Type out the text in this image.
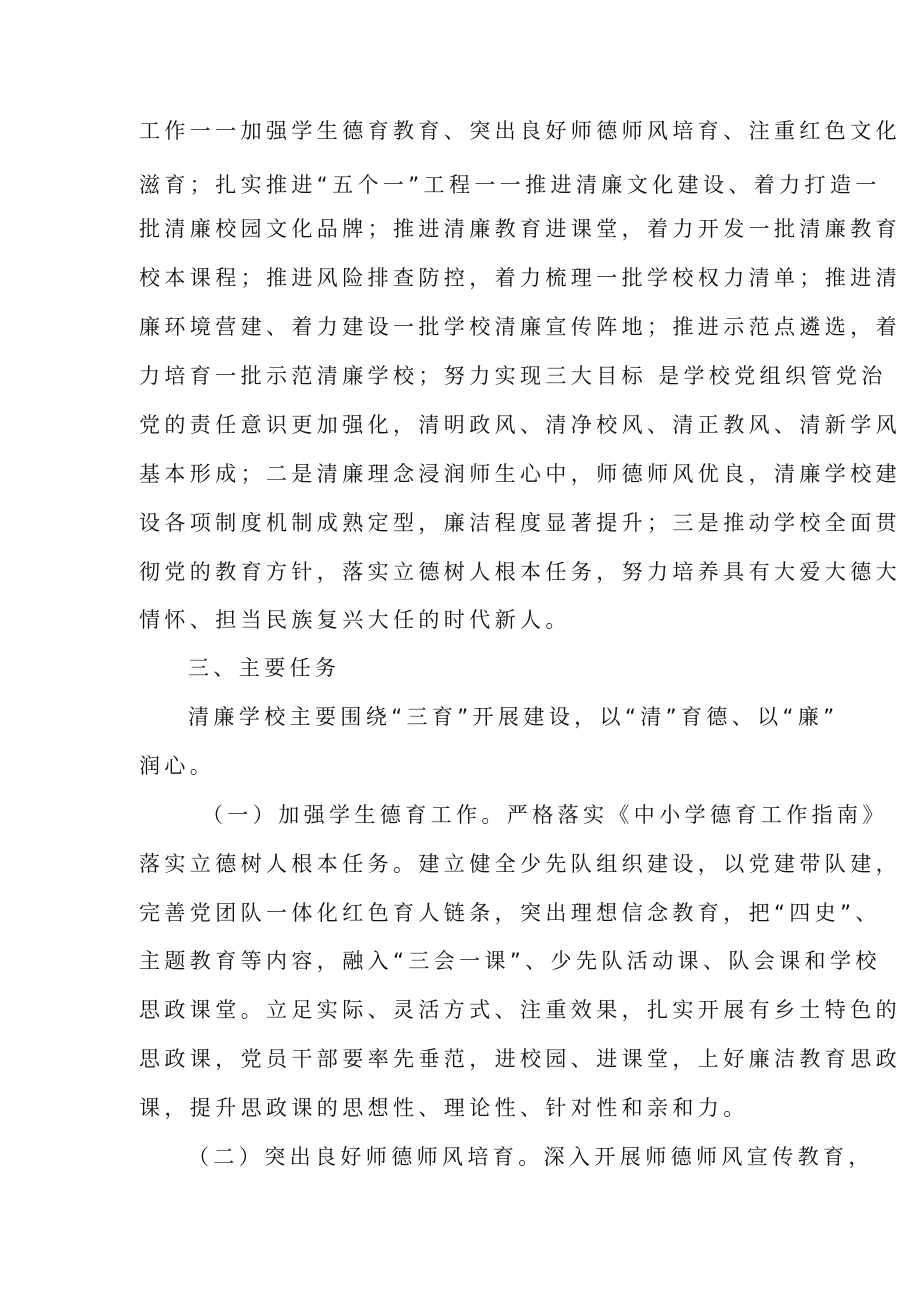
工作一一加强学生德育教育、突出良好师德师风培育、注重红色文化
滋育；扎实推进“五个一”工程一一推进清廉文化建设、着力打造一
批清廉校园文化品牌；推进清廉教育进课堂，着力开发一批清廉教育
校本课程；推进风险排查防控，着力梳理一批学校权力清单；推进清
廉环境营建、着力建设一批学校清廉宣传阵地；推进示范点遴选，着
力培育一批示范清廉学校；努力实现三大目标 是学校党组织管党治
党的责任意识更加强化，清明政风、清净校风、清正教风、清新学风
基本形成；二是清廉理念浸润师生心中，师德师风优良，清廉学校建
设各项制度机制成熟定型，廉洁程度显著提升；三是推动学校全面贯
彻党的教育方针，落实立德树人根本任务，努力培养具有大爱大德大
情怀、担当民族复兴大任的时代新人。
三、主要任务
清廉学校主要围绕“三育”开展建设，以“清”育德、以“廉”
润心。
（一）加强学生德育工作。严格落实《中小学德育工作指南》
落实立德树人根本任务。建立健全少先队组织建设，以党建带队建，
完善党团队一体化红色育人链条，突出理想信念教育，把“四史”、
主题教育等内容，融入“三会一课”、少先队活动课、队会课和学校
思政课堂。立足实际、灵活方式、注重效果，扎实开展有乡土特色的
思政课，党员干部要率先垂范，进校园、进课堂，上好廉洁教育思政
课，提升思政课的思想性、理论性、针对性和亲和力。
（二）突出良好师德师风培育。深入开展师德师风宣传教育，
